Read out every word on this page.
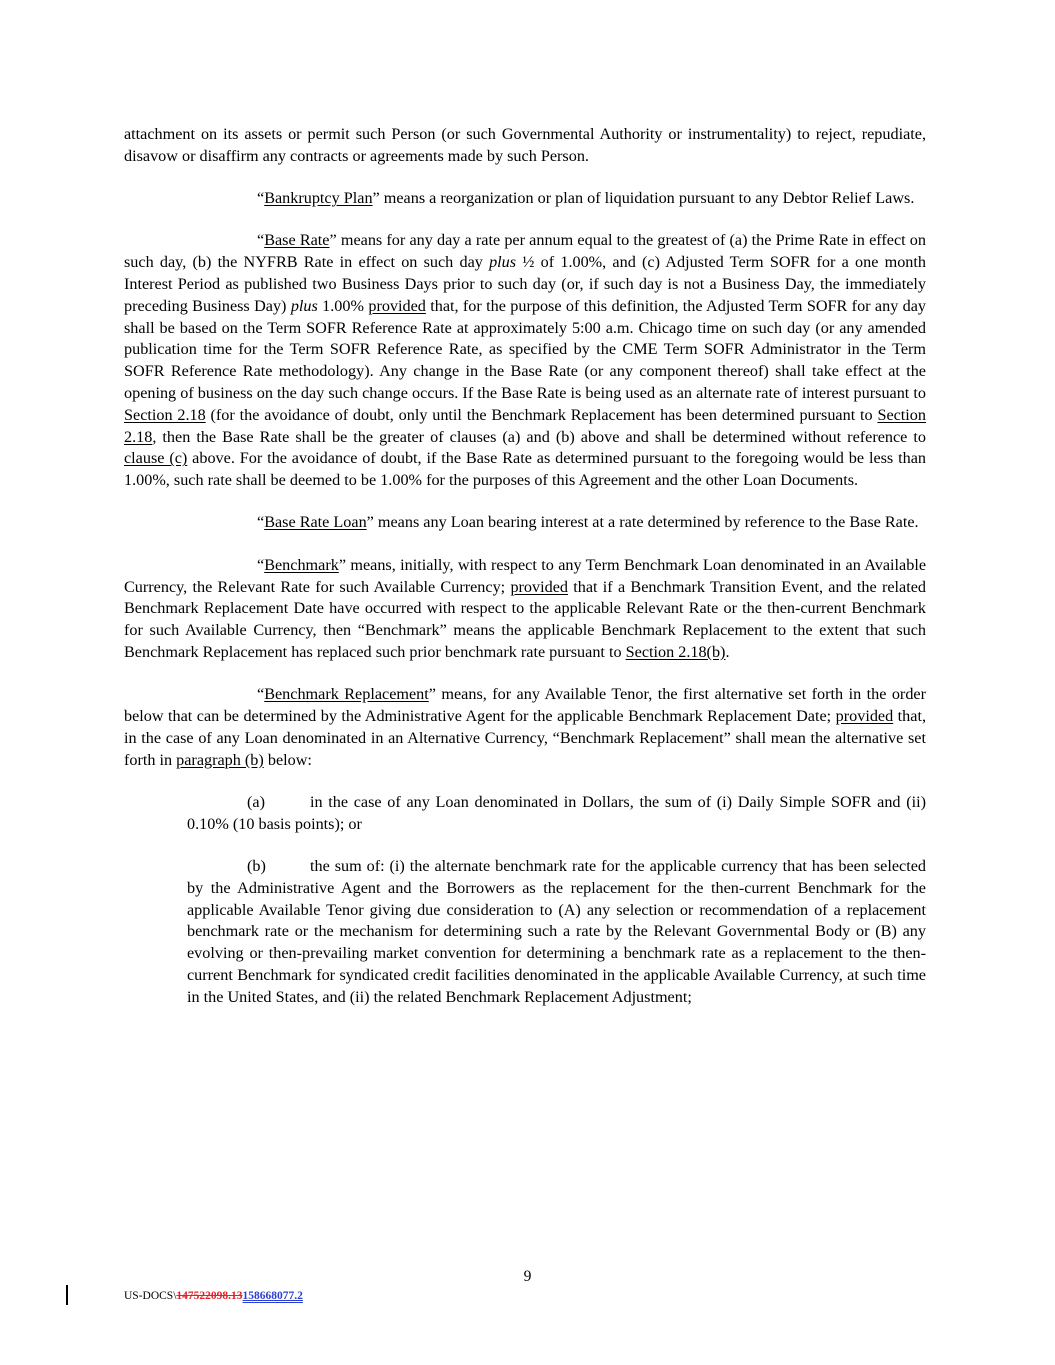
attachment on its assets or permit such Person (or such Governmental Authority or instrumentality) to reject, repudiate, disavow or disaffirm any contracts or agreements made by such Person.

“Bankruptcy Plan” means a reorganization or plan of liquidation pursuant to any Debtor Relief Laws.

“Base Rate” means for any day a rate per annum equal to the greatest of (a) the Prime Rate in effect on such day, (b) the NYFRB Rate in effect on such day plus ½ of 1.00%, and (c) Adjusted Term SOFR for a one month Interest Period as published two Business Days prior to such day (or, if such day is not a Business Day, the immediately preceding Business Day) plus 1.00% provided that, for the purpose of this definition, the Adjusted Term SOFR for any day shall be based on the Term SOFR Reference Rate at approximately 5:00 a.m. Chicago time on such day (or any amended publication time for the Term SOFR Reference Rate, as specified by the CME Term SOFR Administrator in the Term SOFR Reference Rate methodology). Any change in the Base Rate (or any component thereof) shall take effect at the opening of business on the day such change occurs. If the Base Rate is being used as an alternate rate of interest pursuant to Section 2.18 (for the avoidance of doubt, only until the Benchmark Replacement has been determined pursuant to Section 2.18, then the Base Rate shall be the greater of clauses (a) and (b) above and shall be determined without reference to clause (c) above. For the avoidance of doubt, if the Base Rate as determined pursuant to the foregoing would be less than 1.00%, such rate shall be deemed to be 1.00% for the purposes of this Agreement and the other Loan Documents.

“Base Rate Loan” means any Loan bearing interest at a rate determined by reference to the Base Rate.

“Benchmark” means, initially, with respect to any Term Benchmark Loan denominated in an Available Currency, the Relevant Rate for such Available Currency; provided that if a Benchmark Transition Event, and the related Benchmark Replacement Date have occurred with respect to the applicable Relevant Rate or the then-current Benchmark for such Available Currency, then “Benchmark” means the applicable Benchmark Replacement to the extent that such Benchmark Replacement has replaced such prior benchmark rate pursuant to Section 2.18(b).

“Benchmark Replacement” means, for any Available Tenor, the first alternative set forth in the order below that can be determined by the Administrative Agent for the applicable Benchmark Replacement Date; provided that, in the case of any Loan denominated in an Alternative Currency, “Benchmark Replacement” shall mean the alternative set forth in paragraph (b) below:

(a)	in the case of any Loan denominated in Dollars, the sum of (i) Daily Simple SOFR and (ii) 0.10% (10 basis points); or

(b)	the sum of: (i) the alternate benchmark rate for the applicable currency that has been selected by the Administrative Agent and the Borrowers as the replacement for the then-current Benchmark for the applicable Available Tenor giving due consideration to (A) any selection or recommendation of a replacement benchmark rate or the mechanism for determining such a rate by the Relevant Governmental Body or (B) any evolving or then-prevailing market convention for determining a benchmark rate as a replacement to the then-current Benchmark for syndicated credit facilities denominated in the applicable Available Currency, at such time in the United States, and (ii) the related Benchmark Replacement Adjustment;

9
US-DOCS\147522098.13158668077.2
